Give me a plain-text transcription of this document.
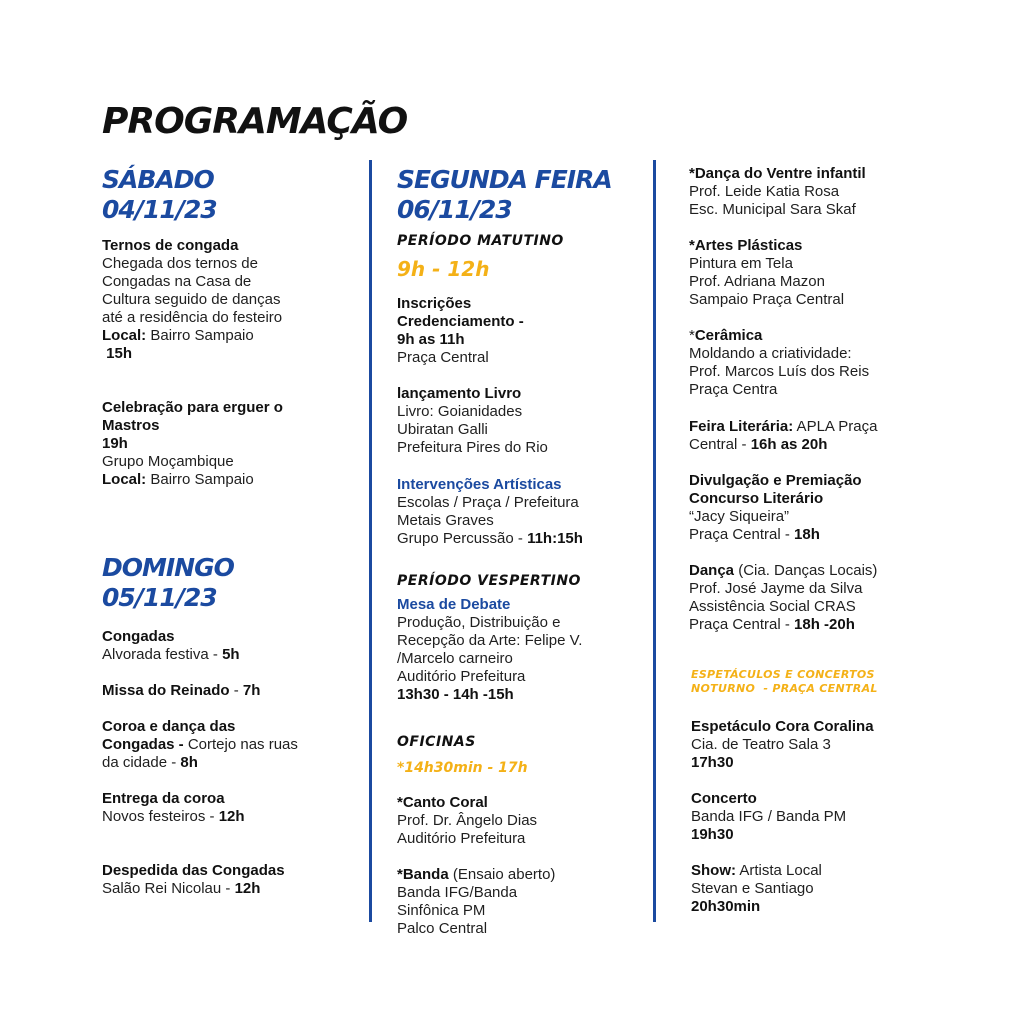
PROGRAMAÇÃO
SÁBADO
04/11/23
Ternos de congada
Chegada dos ternos de
Congadas na Casa de
Cultura seguido de danças
até a residência do festeiro
Local: Bairro Sampaio
15h
Celebração para erguer o
Mastros
19h
Grupo Moçambique
Local: Bairro Sampaio
DOMINGO
05/11/23
Congadas
Alvorada festiva - 5h
Missa do Reinado - 7h
Coroa e dança das
Congadas - Cortejo nas ruas
da cidade - 8h
Entrega da coroa
Novos festeiros - 12h
Despedida das Congadas
Salão Rei Nicolau - 12h
SEGUNDA FEIRA
06/11/23
PERÍODO MATUTINO
9h - 12h
Inscrições
Credenciamento -
9h as 11h
Praça Central
lançamento Livro
Livro: Goianidades
Ubiratan Galli
Prefeitura Pires do Rio
Intervenções Artísticas
Escolas / Praça / Prefeitura
Metais Graves
Grupo Percussão - 11h:15h
PERÍODO VESPERTINO
Mesa de Debate
Produção, Distribuição e
Recepção da Arte: Felipe V.
/Marcelo carneiro
Auditório Prefeitura
13h30 - 14h -15h
OFICINAS
*14h30min - 17h
*Canto Coral
Prof. Dr. Ângelo Dias
Auditório Prefeitura
*Banda (Ensaio aberto)
Banda IFG/Banda
Sinfônica PM
Palco Central
*Dança do Ventre infantil
Prof. Leide Katia Rosa
Esc. Municipal Sara Skaf
*Artes Plásticas
Pintura em Tela
Prof. Adriana Mazon
Sampaio Praça Central
*Cerâmica
Moldando a criatividade:
Prof. Marcos Luís dos Reis
Praça Centra
Feira Literária: APLA Praça
Central - 16h as 20h
Divulgação e Premiação
Concurso Literário
“Jacy Siqueira”
Praça Central - 18h
Dança (Cia. Danças Locais)
Prof. José Jayme da Silva
Assistência Social CRAS
Praça Central - 18h -20h
ESPETÁCULOS E CONCERTOS
NOTURNO  - PRAÇA CENTRAL
Espetáculo Cora Coralina
Cia. de Teatro Sala 3
17h30
Concerto
Banda IFG / Banda PM
19h30
Show: Artista Local
Stevan e Santiago
20h30min
